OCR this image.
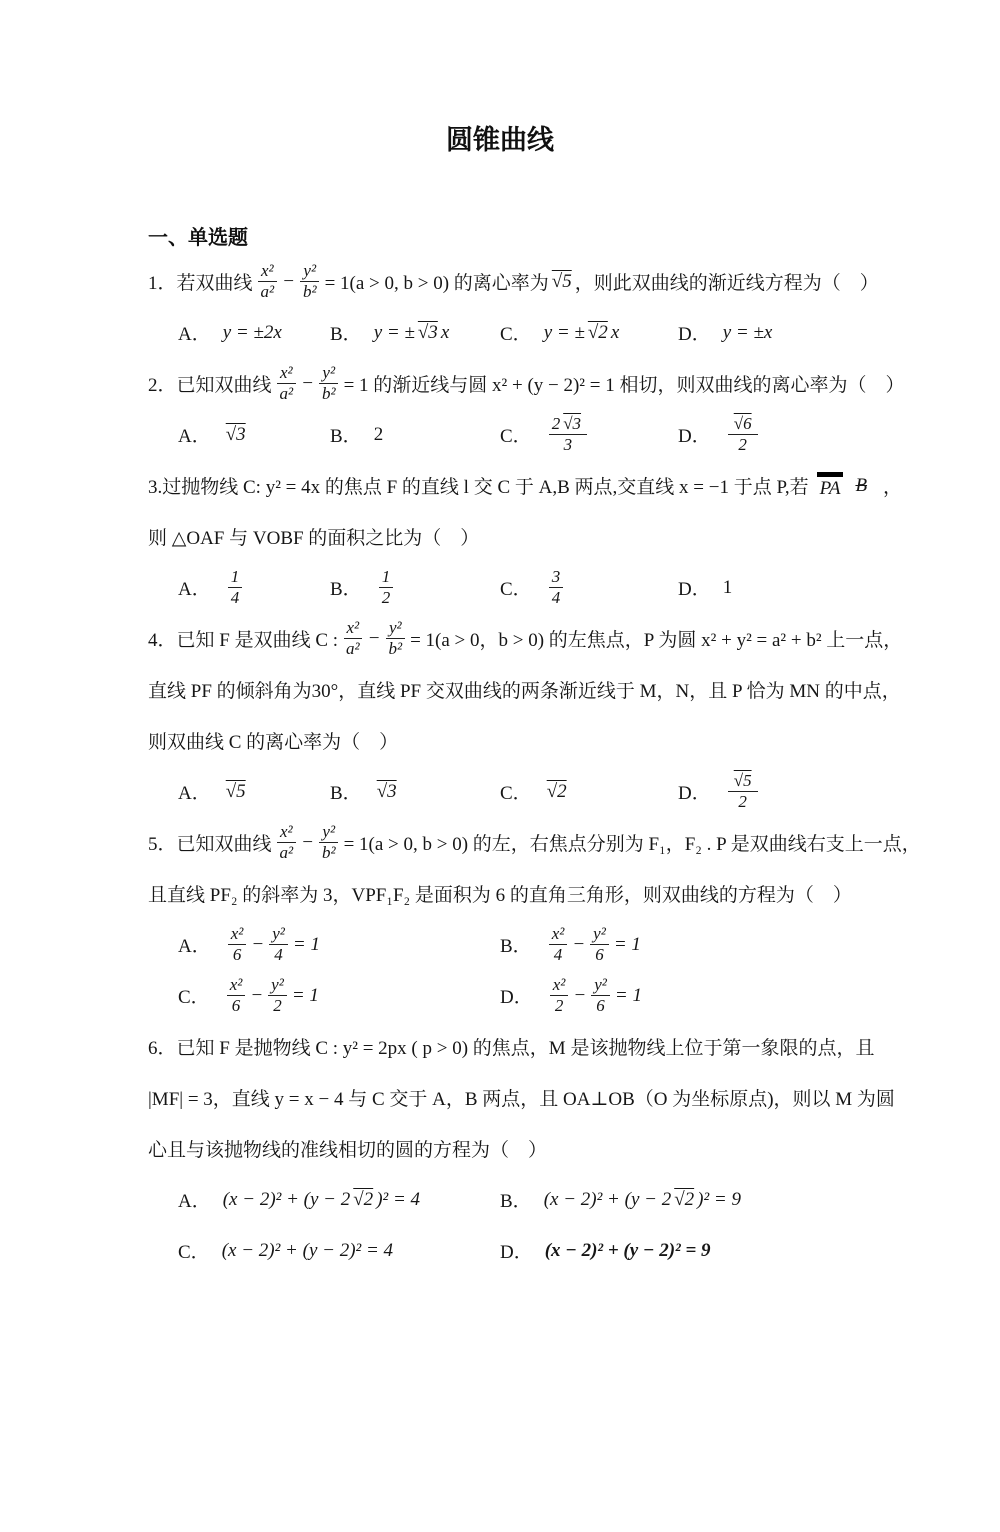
圆锥曲线
一、单选题
1．若双曲线
x²
$a^2 - \frac{\text{y²}}{\text{b²}} = 1(a > 0$, b > 0) 的离心率为 √5 ，则此双曲线的渐近线方程为（　）
A． y = ±2x	B． y = ± √3 x	C． y = ± √2 x	D． y = ±x
2．已知双曲线
x²
$a^2 - \frac{\text{y²}}{\text{b²}} = 1$ 的渐近线与圆 x² + (y − 2)² = 1 相切，则双曲线的离心率为（　）
A． √3	B． 2	C．
2 √3
3	D．
√6
2
3.过抛物线 C: y² = 4x 的焦点 F 的直线 l 交 C 于 A,B 两点,交直线 x = −1 于点 P,若 PA B ，
则 △OAF 与 VOBF 的面积之比为（　）
A．
1
4	B．
1
2	C．
3
4	D． 1
4．已知 F 是双曲线 C :
x²
$a^2 - \frac{\text{y²}}{\text{b²}} = 1(a > 0$，b > 0) 的左焦点，P 为圆 x² + y² = a² + b² 上一点，
直线 PF 的倾斜角为30°，直线 PF 交双曲线的两条渐近线于 M，N，且 P 恰为 MN 的中点，
则双曲线 C 的离心率为（　）
A． √5	B． √3	C． √2	D．
√5
2
5．已知双曲线
x²
$a^2 - \frac{\text{y²}}{\text{b²}} = 1(a > 0$, b > 0) 的左，右焦点分别为 F₁，F₂ . P 是双曲线右支上一点，
且直线 PF₂ 的斜率为 3，VPF₁F₂ 是面积为 6 的直角三角形，则双曲线的方程为（　）
A．
x²
$6 - \frac{\text{y²}}{4} = 1$	B．
x²
$4 - \frac{\text{y²}}{6} = 1$
C．
x²
$6 - \frac{\text{y²}}{2} = 1$	D．
x²
$2 - \frac{\text{y²}}{6} = 1$
6．已知 F 是抛物线 C : y² = 2px ( p > 0) 的焦点，M 是该抛物线上位于第一象限的点，且
|MF| = 3，直线 y = x − 4 与 C 交于 A，B 两点，且 OA⊥OB（O 为坐标原点)，则以 M 为圆
心且与该抛物线的准线相切的圆的方程为（　）
A． (x − 2)² + (y − 2 √2 )² = 4	B． (x − 2)² + (y − 2 √2 )² = 9
C． (x − 2)² + (y − 2)² = 4	D． (x − 2)² + (y − 2)² = 9
